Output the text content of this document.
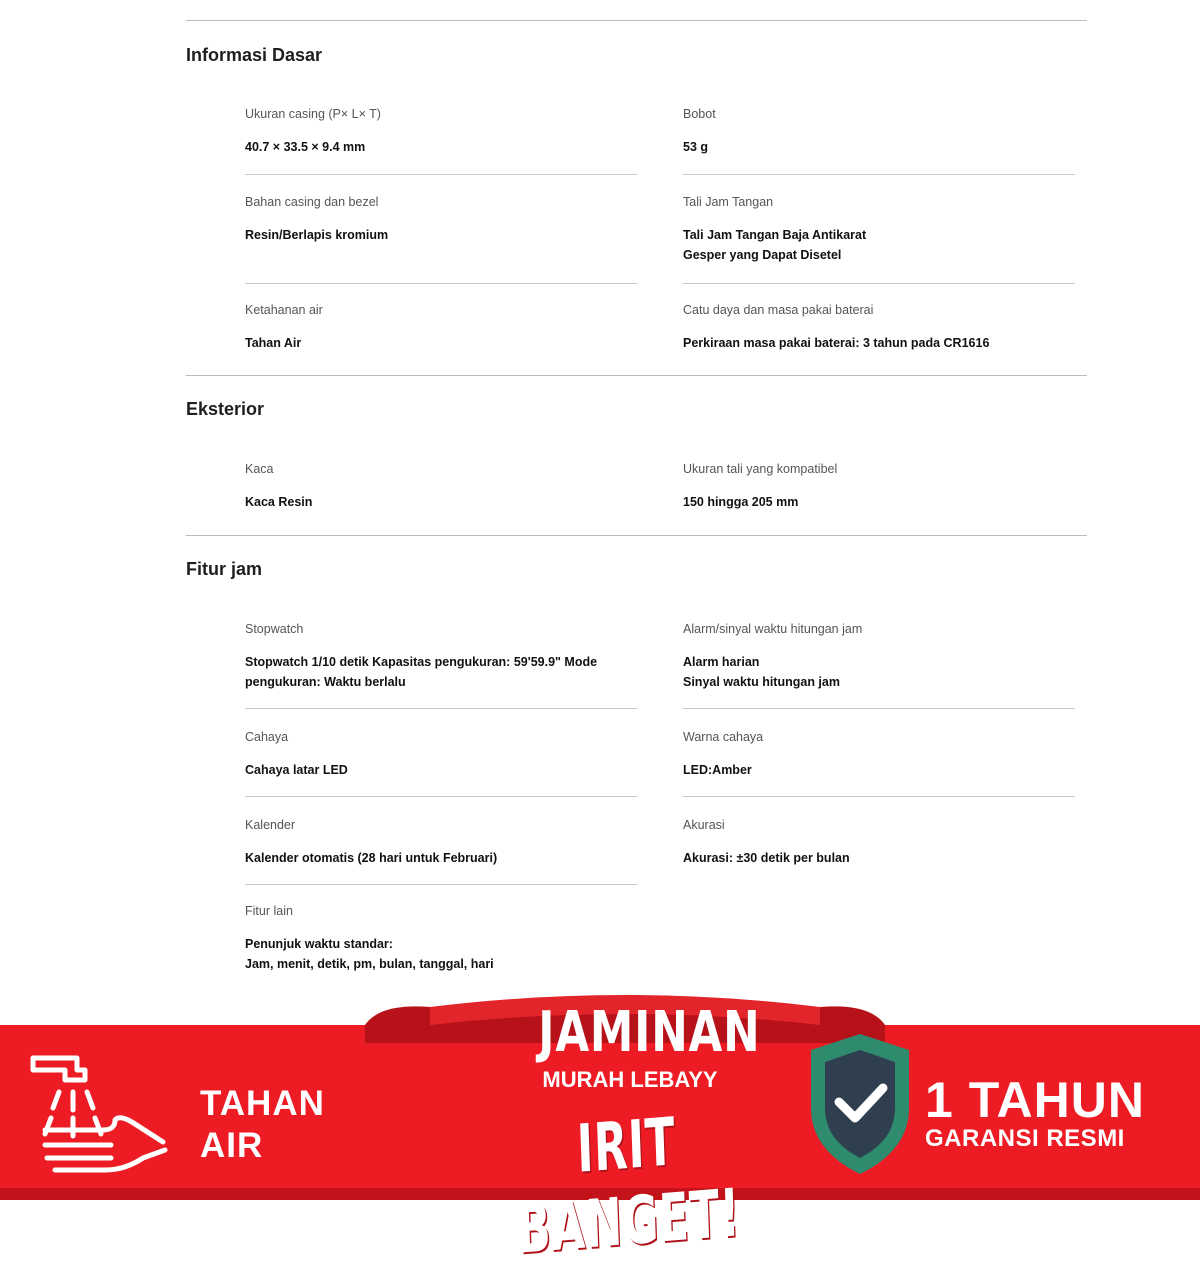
Informasi Dasar

Ukuran casing (P× L× T)

40.7 × 33.5 × 9.4 mm

Bobot

53 g

Bahan casing dan bezel

Resin/Berlapis kromium

Tali Jam Tangan

Tali Jam Tangan Baja Antikarat
Gesper yang Dapat Disetel

Ketahanan air

Tahan Air

Catu daya dan masa pakai baterai

Perkiraan masa pakai baterai: 3 tahun pada CR1616

Eksterior

Kaca

Kaca Resin

Ukuran tali yang kompatibel

150 hingga 205 mm

Fitur jam

Stopwatch

Stopwatch 1/10 detik Kapasitas pengukuran: 59'59.9" Mode
pengukuran: Waktu berlalu

Alarm/sinyal waktu hitungan jam

Alarm harian
Sinyal waktu hitungan jam

Cahaya

Cahaya latar LED

Warna cahaya

LED:Amber

Kalender

Kalender otomatis (28 hari untuk Februari)

Akurasi

Akurasi: ±30 detik per bulan

Fitur lain

Penunjuk waktu standar:
Jam, menit, detik, pm, bulan, tanggal, hari

TAHAN
AIR
JAMINAN
MURAH LEBAYY
IRIT BANGET!
1 TAHUN
GARANSI RESMI
